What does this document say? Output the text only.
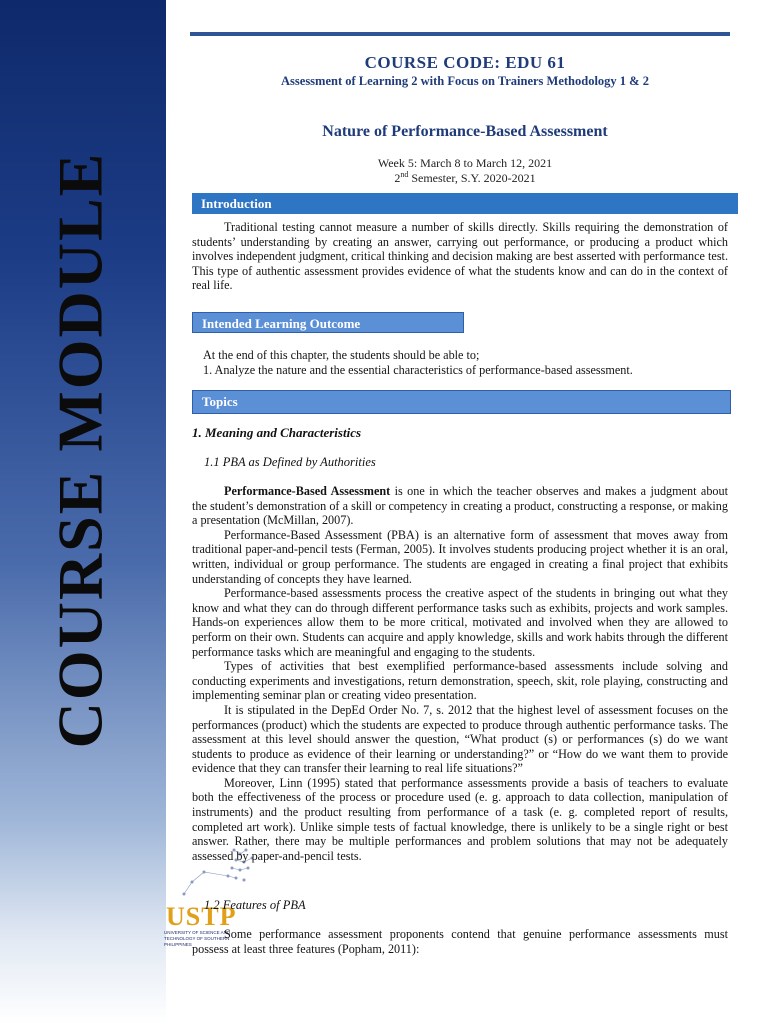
COURSE MODULE
USTP
UNIVERSITY OF SCIENCE AND TECHNOLOGY OF SOUTHERN PHILIPPINES
COURSE CODE: EDU 61
Assessment of Learning 2 with Focus on Trainers Methodology 1 & 2
Nature of Performance-Based Assessment
Week 5: March 8 to March 12, 2021
2nd Semester, S.Y. 2020-2021
Introduction

Traditional testing cannot measure a number of skills directly. Skills requiring the demonstration of students’ understanding by creating an answer, carrying out performance, or producing a product which involves independent judgment, critical thinking and decision making are best asserted with performance test. This type of authentic assessment provides evidence of what the students know and can do in the context of real life.

Intended Learning Outcome

At the end of this chapter, the students should be able to;

1. Analyze the nature and the essential characteristics of performance-based assessment.

Topics
1. Meaning and Characteristics
1.1 PBA as Defined by Authorities

Performance-Based Assessment is one in which the teacher observes and makes a judgment about the student’s demonstration of a skill or competency in creating a product, constructing a response, or making a presentation (McMillan, 2007).

Performance-Based Assessment (PBA) is an alternative form of assessment that moves away from traditional paper-and-pencil tests (Ferman, 2005). It involves students producing project whether it is an oral, written, individual or group performance. The students are engaged in creating a final project that exhibits understanding of concepts they have learned.

Performance-based assessments process the creative aspect of the students in bringing out what they know and what they can do through different performance tasks such as exhibits, projects and work samples. Hands-on experiences allow them to be more critical, motivated and involved when they are allowed to perform on their own. Students can acquire and apply knowledge, skills and work habits through the different performance tasks which are meaningful and engaging to the students.

Types of activities that best exemplified performance-based assessments include solving and conducting experiments and investigations, return demonstration, speech, skit, role playing, constructing and implementing seminar plan or creating video presentation.

It is stipulated in the DepEd Order No. 7, s. 2012 that the highest level of assessment focuses on the performances (product) which the students are expected to produce through authentic performance tasks. The assessment at this level should answer the question, “What product (s) or performances (s) do we want students to produce as evidence of their learning or understanding?” or “How do we want them to provide evidence that they can transfer their learning to real life situations?”

Moreover, Linn (1995) stated that performance assessments provide a basis of teachers to evaluate both the effectiveness of the process or procedure used (e. g. approach to data collection, manipulation of instruments) and the product resulting from performance of a task (e. g. completed report of results, completed art work). Unlike simple tests of factual knowledge, there is unlikely to be a single right or best answer. Rather, there may be multiple performances and problem solutions that may not be adequately assessed by paper-and-pencil tests.

1.2 Features of PBA

Some performance assessment proponents contend that genuine performance assessments must possess at least three features (Popham, 2011):
